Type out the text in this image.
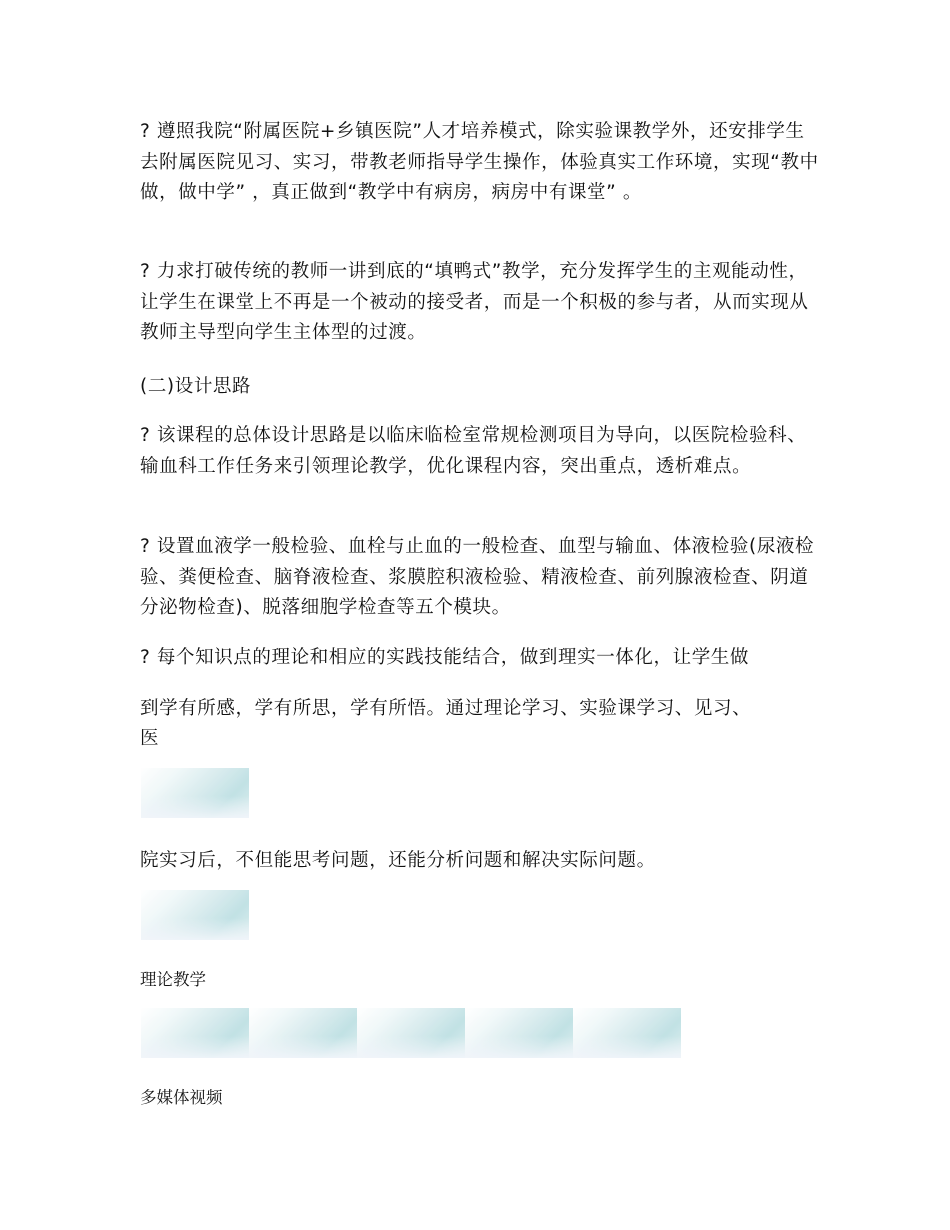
? 遵照我院“附属医院+乡镇医院”人才培养模式，除实验课教学外，还安排学生去附属医院见习、实习，带教老师指导学生操作，体验真实工作环境，实现“教中做，做中学” ，真正做到“教学中有病房，病房中有课堂” 。

? 力求打破传统的教师一讲到底的“填鸭式”教学，充分发挥学生的主观能动性，让学生在课堂上不再是一个被动的接受者，而是一个积极的参与者，从而实现从教师主导型向学生主体型的过渡。

(二)设计思路

? 该课程的总体设计思路是以临床临检室常规检测项目为导向，以医院检验科、输血科工作任务来引领理论教学，优化课程内容，突出重点，透析难点。

? 设置血液学一般检验、血栓与止血的一般检查、血型与输血、体液检验(尿液检验、粪便检查、脑脊液检查、浆膜腔积液检验、精液检查、前列腺液检查、阴道分泌物检查)、脱落细胞学检查等五个模块。

? 每个知识点的理论和相应的实践技能结合，做到理实一体化，让学生做
到学有所感，学有所思，学有所悟。通过理论学习、实验课学习、见习、
医
院实习后，不但能思考问题，还能分析问题和解决实际问题。
理论教学
多媒体视频
